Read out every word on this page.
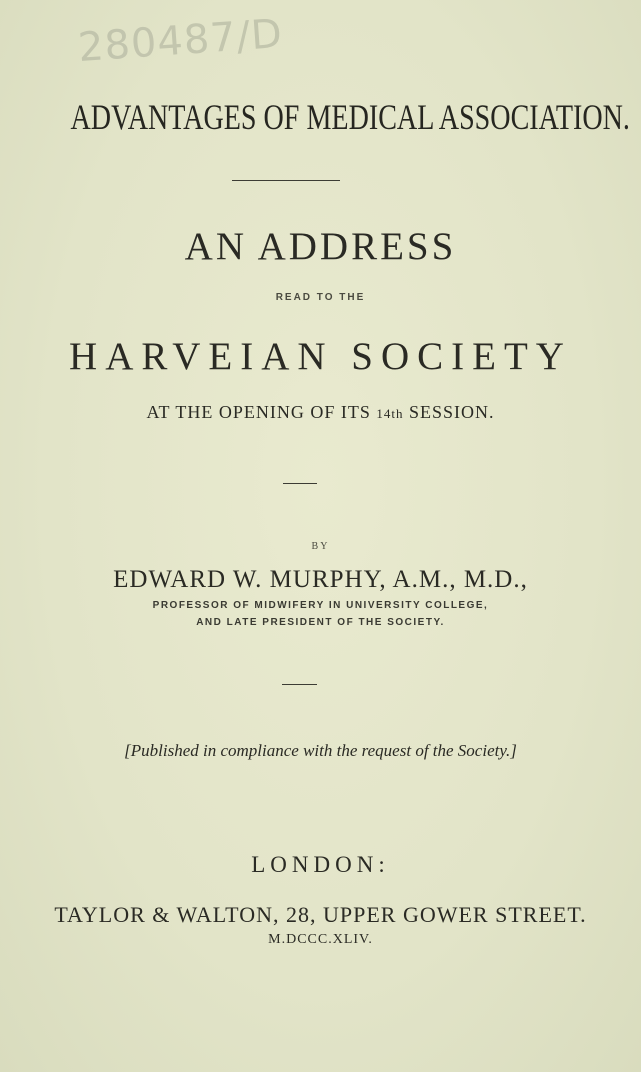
280487/D
ADVANTAGES OF MEDICAL ASSOCIATION.
AN ADDRESS
READ TO THE
HARVEIAN SOCIETY
AT THE OPENING OF ITS 14th SESSION.
BY
EDWARD W. MURPHY, A.M., M.D.,
PROFESSOR OF MIDWIFERY IN UNIVERSITY COLLEGE,
AND LATE PRESIDENT OF THE SOCIETY.
[Published in compliance with the request of the Society.]
LONDON:
TAYLOR & WALTON, 28, UPPER GOWER STREET.
M.DCCC.XLIV.
